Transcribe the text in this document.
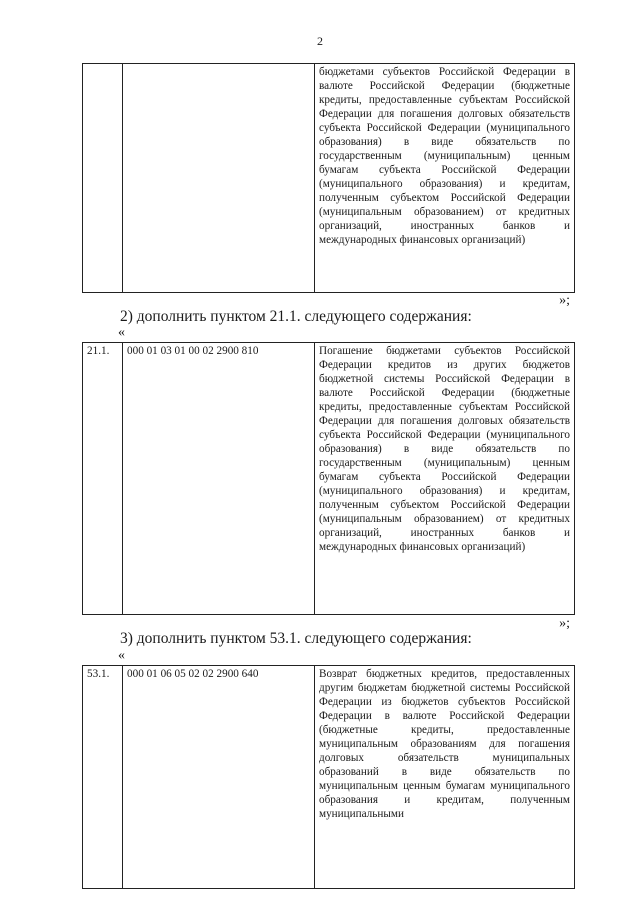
2
		бюджетами субъектов Российской Федерации в валюте Российской Федерации (бюджетные кредиты, предоставленные субъектам Российской Федерации для погашения долговых обязательств субъекта Российской Федерации (муниципального образования) в виде обязательств по государственным (муниципальным) ценным бумагам субъекта Российской Федерации (муниципального образования) и кредитам, полученным субъектом Российской Федерации (муниципальным образованием) от кредитных организаций, иностранных банков и международных финансовых организаций)
»;
2) дополнить пунктом 21.1. следующего содержания:
«
21.1.	000 01 03 01 00 02 2900 810	Погашение бюджетами субъектов Российской Федерации кредитов из других бюджетов бюджетной системы Российской Федерации в валюте Российской Федерации (бюджетные кредиты, предоставленные субъектам Российской Федерации для погашения долговых обязательств субъекта Российской Федерации (муниципального образования) в виде обязательств по государственным (муниципальным) ценным бумагам субъекта Российской Федерации (муниципального образования) и кредитам, полученным субъектом Российской Федерации (муниципальным образованием) от кредитных организаций, иностранных банков и международных финансовых организаций)
»;
3) дополнить пунктом 53.1. следующего содержания:
«
53.1.	000 01 06 05 02 02 2900 640	Возврат бюджетных кредитов, предоставленных другим бюджетам бюджетной системы Российской Федерации из бюджетов субъектов Российской Федерации в валюте Российской Федерации (бюджетные кредиты, предоставленные муниципальным образованиям для погашения долговых обязательств муниципальных образований в виде обязательств по муниципальным ценным бумагам муниципального образования и кредитам, полученным муниципальными
